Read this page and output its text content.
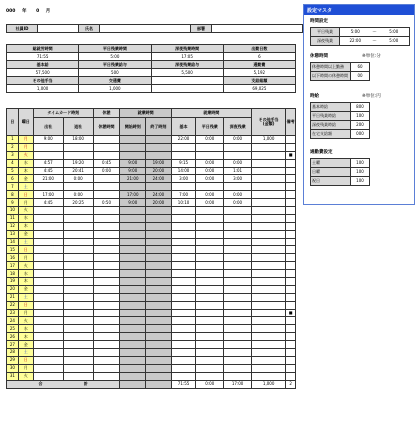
000 年 0 月
社員ID		氏名		部署	
総就労時間	平日残業時間	深夜残業時間	出勤日数
71:55	5:00	17:05	6
基本給	平日残業給与	深夜残業給与	通勤費
57,500	500	5,500	5,192
その他手当	交通費		支給総額
1,000	1,000		69,025
日	曜日	タイムカード時刻		休憩	就業時間		就業時間			その他手当
(金額)	備考
		出社	退社	休憩時間	開始時刻	終了時刻	基本	平日残業	深夜残業		

1	月	9:00	18:00				22:00	0:00	0:00	1,000	
2	月										
3	火										■
4	水	4:57	19:20	0:45	9:00	19:00	9:15	0:00	0:00		
5	木	4:45	20:41	0:00	9:00	20:00	14:00	0:00	1:01		
6	金	21:00	0:00		21:00	24:00	3:00	0:00	3:00		
7	土										
8	日	17:00	0:00		17:00	24:00	7:00	0:00	0:00		
9	月	4:45	20:25	0:50	9:00	20:00	10:10	0:00	0:00		
10	火										
11	水										
12	木										
13	金										
14	土										
15	日										
16	月										
17	火										
18	水										
19	木										
20	金										
21	土										
22	日										
23	月										■
24	火										
25	水										
26	木										
27	金										
28	土										
29	日										
30	月										
31	火										
合 計							71:55	0:00	17:00	1,000	2
設定マスタ
時間設定
平日残業	5:00	～	5:00
深夜残業	22:00	～	5:00
休憩時間	※単位:分
休憩時間以上勤務	60
以下時間の休憩時間	00
時給	※単位:円
基本時給	800
平日残業時給	100
深夜残業時給	200
在宅支給額	000
通勤費設定
土曜	100
日曜	100
祝日	100
